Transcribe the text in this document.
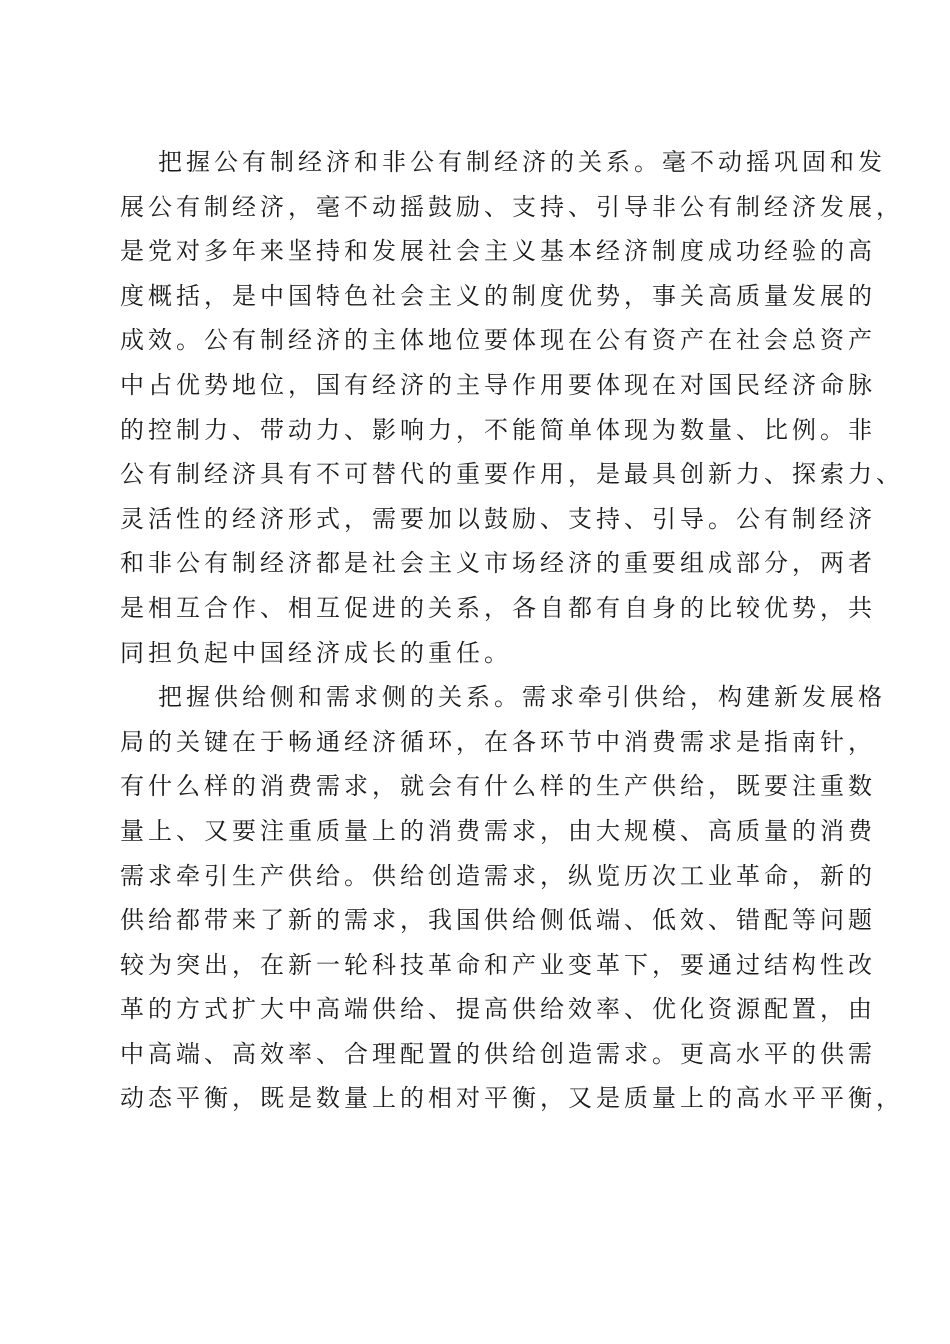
把握公有制经济和非公有制经济的关系。毫不动摇巩固和发
展公有制经济，毫不动摇鼓励、支持、引导非公有制经济发展，
是党对多年来坚持和发展社会主义基本经济制度成功经验的高
度概括，是中国特色社会主义的制度优势，事关高质量发展的
成效。公有制经济的主体地位要体现在公有资产在社会总资产
中占优势地位，国有经济的主导作用要体现在对国民经济命脉
的控制力、带动力、影响力，不能简单体现为数量、比例。非
公有制经济具有不可替代的重要作用，是最具创新力、探索力、
灵活性的经济形式，需要加以鼓励、支持、引导。公有制经济
和非公有制经济都是社会主义市场经济的重要组成部分，两者
是相互合作、相互促进的关系，各自都有自身的比较优势，共
同担负起中国经济成长的重任。
把握供给侧和需求侧的关系。需求牵引供给，构建新发展格
局的关键在于畅通经济循环，在各环节中消费需求是指南针，
有什么样的消费需求，就会有什么样的生产供给，既要注重数
量上、又要注重质量上的消费需求，由大规模、高质量的消费
需求牵引生产供给。供给创造需求，纵览历次工业革命，新的
供给都带来了新的需求，我国供给侧低端、低效、错配等问题
较为突出，在新一轮科技革命和产业变革下，要通过结构性改
革的方式扩大中高端供给、提高供给效率、优化资源配置，由
中高端、高效率、合理配置的供给创造需求。更高水平的供需
动态平衡，既是数量上的相对平衡，又是质量上的高水平平衡，
